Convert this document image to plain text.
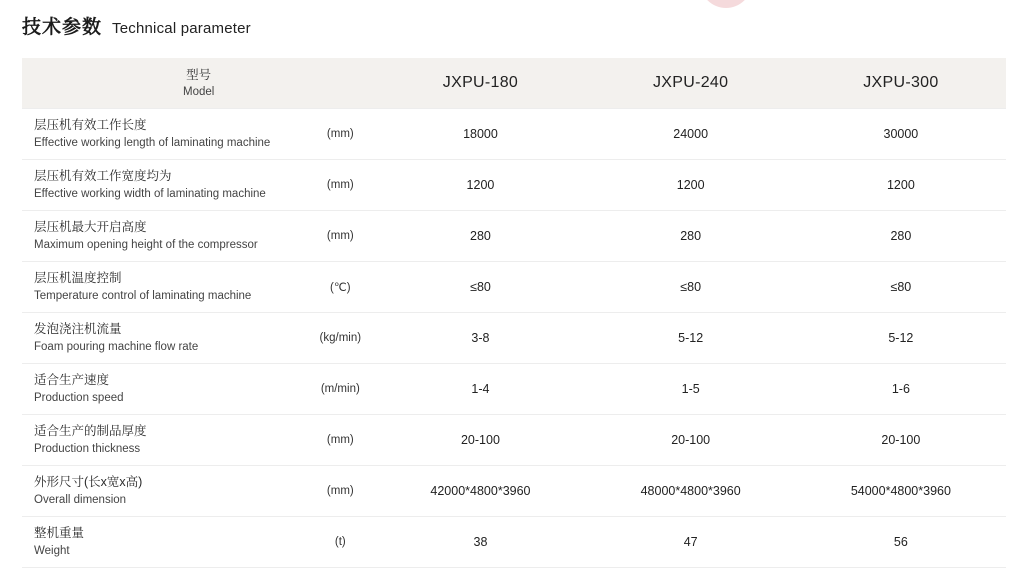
技术参数 Technical parameter
型号
Model		JXPU-180	JXPU-240	JXPU-300

层压机有效工作长度
Effective working length of laminating machine	(mm)	18000	24000	30000

层压机有效工作宽度均为
Effective working width of laminating machine	(mm)	1200	1200	1200

层压机最大开启高度
Maximum opening height of the compressor	(mm)	280	280	280

层压机温度控制
Temperature control of laminating machine	(℃)	≤80	≤80	≤80

发泡浇注机流量
Foam pouring machine flow rate	(kg/min)	3-8	5-12	5-12

适合生产速度
Production speed	(m/min)	1-4	1-5	1-6

适合生产的制品厚度
Production thickness	(mm)	20-100	20-100	20-100

外形尺寸(长x宽x高)
Overall dimension	(mm)	42000*4800*3960	48000*4800*3960	54000*4800*3960

整机重量
Weight	(t)	38	47	56
